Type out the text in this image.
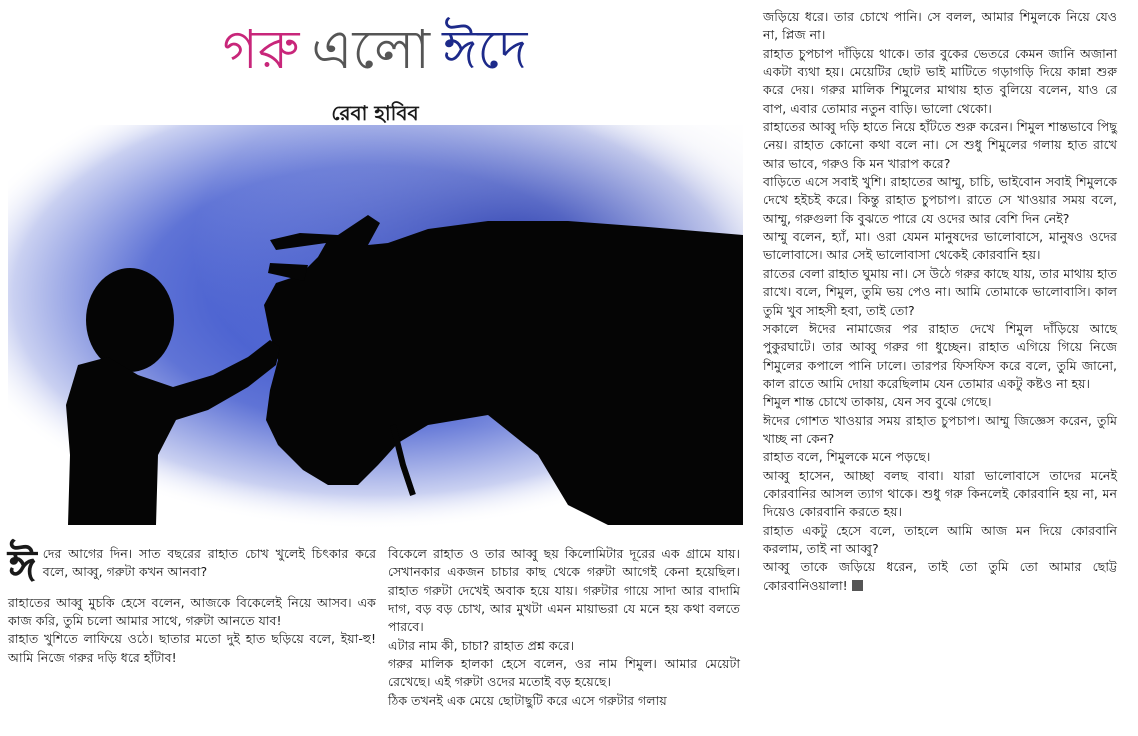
গরু এলো ঈদে
রেবা হাবিব

ঈদের আগের দিন। সাত বছরের রাহাত চোখ খুলেই চিৎকার করে বলে, আব্বু, গরুটা কখন আনবা?

রাহাতের আব্বু মুচকি হেসে বলেন, আজকে বিকেলেই নিয়ে আসব। এক কাজ করি, তুমি চলো আমার সাথে, গরুটা আনতে যাব!

রাহাত খুশিতে লাফিয়ে ওঠে। ছাতার মতো দুই হাত ছড়িয়ে বলে, ইয়া-হু! আমি নিজে গরুর দড়ি ধরে হাঁটাব!

বিকেলে রাহাত ও তার আব্বু ছয় কিলোমিটার দূরের এক গ্রামে যায়। সেখানকার একজন চাচার কাছ থেকে গরুটা আগেই কেনা হয়েছিল। রাহাত গরুটা দেখেই অবাক হয়ে যায়। গরুটার গায়ে সাদা আর বাদামি দাগ, বড় বড় চোখ, আর মুখটা এমন মায়াভরা যে মনে হয় কথা বলতে পারবে।

এটার নাম কী, চাচা? রাহাত প্রশ্ন করে।

গরুর মালিক হালকা হেসে বলেন, ওর নাম শিমুল। আমার মেয়েটা রেখেছে। এই গরুটা ওদের মতোই বড় হয়েছে।

ঠিক তখনই এক মেয়ে ছোটাছুটি করে এসে গরুটার গলায়

জড়িয়ে ধরে। তার চোখে পানি। সে বলল, আমার শিমুলকে নিয়ে যেও না, প্লিজ না।

রাহাত চুপচাপ দাঁড়িয়ে থাকে। তার বুকের ভেতরে কেমন জানি অজানা একটা ব্যথা হয়। মেয়েটির ছোট ভাই মাটিতে গড়াগড়ি দিয়ে কান্না শুরু করে দেয়। গরুর মালিক শিমুলের মাথায় হাত বুলিয়ে বলেন, যাও রে বাপ, এবার তোমার নতুন বাড়ি। ভালো থেকো।

রাহাতের আব্বু দড়ি হাতে নিয়ে হাঁটতে শুরু করেন। শিমুল শান্তভাবে পিছু নেয়। রাহাত কোনো কথা বলে না। সে শুধু শিমুলের গলায় হাত রাখে আর ভাবে, গরুও কি মন খারাপ করে?

বাড়িতে এসে সবাই খুশি। রাহাতের আম্মু, চাচি, ভাইবোন সবাই শিমুলকে দেখে হইচই করে। কিন্তু রাহাত চুপচাপ। রাতে সে খাওয়ার সময় বলে, আম্মু, গরুগুলা কি বুঝতে পারে যে ওদের আর বেশি দিন নেই?

আম্মু বলেন, হ্যাঁ, মা। ওরা যেমন মানুষদের ভালোবাসে, মানুষও ওদের ভালোবাসে। আর সেই ভালোবাসা থেকেই কোরবানি হয়।

রাতের বেলা রাহাত ঘুমায় না। সে উঠে গরুর কাছে যায়, তার মাথায় হাত রাখে। বলে, শিমুল, তুমি ভয় পেও না। আমি তোমাকে ভালোবাসি। কাল তুমি খুব সাহসী হবা, তাই তো?

সকালে ঈদের নামাজের পর রাহাত দেখে শিমুল দাঁড়িয়ে আছে পুকুরঘাটে। তার আব্বু গরুর গা ধুচ্ছেন। রাহাত এগিয়ে গিয়ে নিজে শিমুলের কপালে পানি ঢালে। তারপর ফিসফিস করে বলে, তুমি জানো, কাল রাতে আমি দোয়া করেছিলাম যেন তোমার একটু কষ্টও না হয়।

শিমুল শান্ত চোখে তাকায়, যেন সব বুঝে গেছে।

ঈদের গোশত খাওয়ার সময় রাহাত চুপচাপ। আম্মু জিজ্ঞেস করেন, তুমি খাচ্ছ না কেন?

রাহাত বলে, শিমুলকে মনে পড়ছে।

আব্বু হাসেন, আচ্ছা বলছ বাবা। যারা ভালোবাসে তাদের মনেই কোরবানির আসল ত্যাগ থাকে। শুধু গরু কিনলেই কোরবানি হয় না, মন দিয়েও কোরবানি করতে হয়।

রাহাত একটু হেসে বলে, তাহলে আমি আজ মন দিয়ে কোরবানি করলাম, তাই না আব্বু?

আব্বু তাকে জড়িয়ে ধরেন, তাই তো তুমি তো আমার ছোট্ট কোরবানিওয়ালা!
